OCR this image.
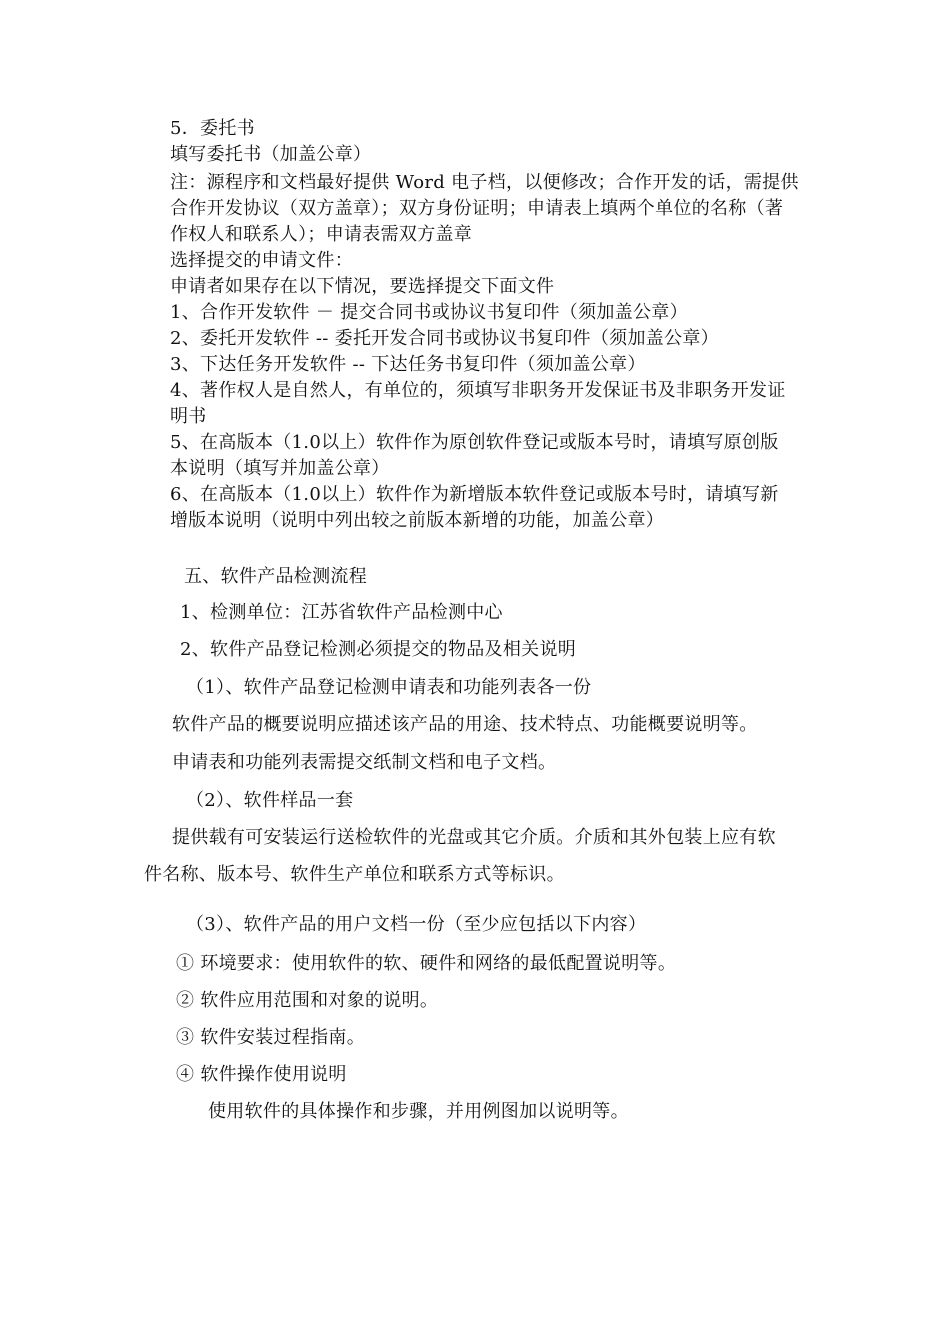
5．委托书
填写委托书（加盖公章）
注：源程序和文档最好提供 Word 电子档，以便修改；合作开发的话，需提供
合作开发协议（双方盖章）；双方身份证明；申请表上填两个单位的名称（著
作权人和联系人）；申请表需双方盖章
选择提交的申请文件：
申请者如果存在以下情况，要选择提交下面文件
1、合作开发软件 － 提交合同书或协议书复印件（须加盖公章）
2、委托开发软件 -- 委托开发合同书或协议书复印件（须加盖公章）
3、下达任务开发软件 -- 下达任务书复印件（须加盖公章）
4、著作权人是自然人，有单位的，须填写非职务开发保证书及非职务开发证
明书
5、在高版本（1.0以上）软件作为原创软件登记或版本号时，请填写原创版
本说明（填写并加盖公章）
6、在高版本（1.0以上）软件作为新增版本软件登记或版本号时，请填写新
增版本说明（说明中列出较之前版本新增的功能，加盖公章）
五、软件产品检测流程
1、检测单位：江苏省软件产品检测中心
2、软件产品登记检测必须提交的物品及相关说明
（1）、软件产品登记检测申请表和功能列表各一份
软件产品的概要说明应描述该产品的用途、技术特点、功能概要说明等。
申请表和功能列表需提交纸制文档和电子文档。
（2）、软件样品一套
提供载有可安装运行送检软件的光盘或其它介质。介质和其外包装上应有软
件名称、版本号、软件生产单位和联系方式等标识。
（3）、软件产品的用户文档一份（至少应包括以下内容）
① 环境要求：使用软件的软、硬件和网络的最低配置说明等。
② 软件应用范围和对象的说明。
③ 软件安装过程指南。
④ 软件操作使用说明
使用软件的具体操作和步骤，并用例图加以说明等。
